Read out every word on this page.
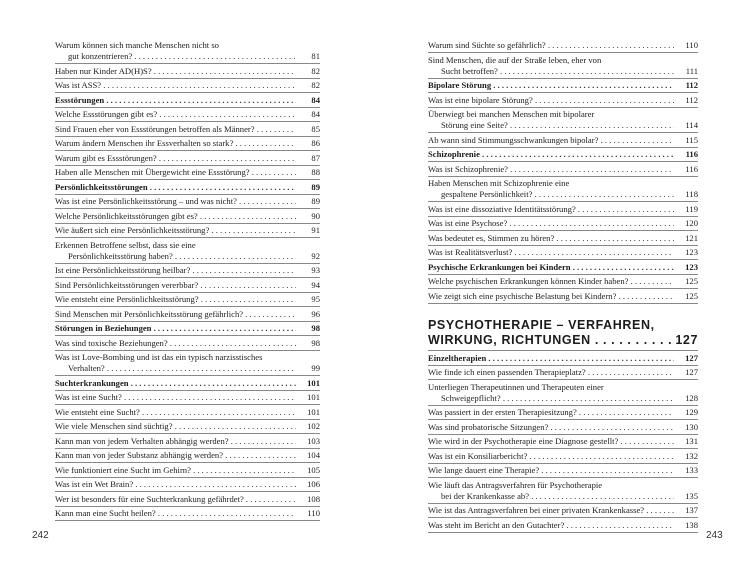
Warum können sich manche Menschen nicht so
gut konzentrieren? . . .	81
Haben nur Kinder AD(H)S? . . .	82
Was ist ASS? . . .	82
Essstörungen . . .	84
Welche Essstörungen gibt es? . . .	84
Sind Frauen eher von Essstörungen betroffen als Männer? . . .	85
Warum ändern Menschen ihr Essverhalten so stark? . . .	86
Warum gibt es Essstörungen? . . .	87
Haben alle Menschen mit Übergewicht eine Essstörung? . . .	88
Persönlichkeitsstörungen . . .	89
Was ist eine Persönlichkeitsstörung – und was nicht? . . .	89
Welche Persönlichkeitsstörungen gibt es? . . .	90
Wie äußert sich eine Persönlichkeitsstörung? . . .	91
Erkennen Betroffene selbst, dass sie eine
Persönlichkeitsstörung haben? . . .	92
Ist eine Persönlichkeitsstörung heilbar? . . .	93
Sind Persönlichkeitsstörungen vererbbar? . . .	94
Wie entsteht eine Persönlichkeitsstörung? . . .	95
Sind Menschen mit Persönlichkeitsstörung gefährlich? . . .	96
Störungen in Beziehungen . . .	98
Was sind toxische Beziehungen? . . .	98
Was ist Love-Bombing und ist das ein typisch narzisstisches
Verhalten? . . .	99
Suchterkrankungen . . .	101
Was ist eine Sucht? . . .	101
Wie entsteht eine Sucht? . . .	101
Wie viele Menschen sind süchtig? . . .	102
Kann man von jedem Verhalten abhängig werden? . . .	103
Kann man von jeder Substanz abhängig werden? . . .	104
Wie funktioniert eine Sucht im Gehirn? . . .	105
Was ist ein Wet Brain? . . .	106
Wer ist besonders für eine Suchterkrankung gefährdet? . . .	108
Kann man eine Sucht heilen? . . .	110
Warum sind Süchte so gefährlich? . . .	110
Sind Menschen, die auf der Straße leben, eher von
Sucht betroffen? . . .	111
Bipolare Störung . . .	112
Was ist eine bipolare Störung? . . .	112
Überwiegt bei manchen Menschen mit bipolarer
Störung eine Seite? . . .	114
Ab wann sind Stimmungsschwankungen bipolar? . . .	115
Schizophrenie . . .	116
Was ist Schizophrenie? . . .	116
Haben Menschen mit Schizophrenie eine
gespaltene Persönlichkeit? . . .	118
Was ist eine dissoziative Identitätsstörung? . . .	119
Was ist eine Psychose? . . .	120
Was bedeutet es, Stimmen zu hören? . . .	121
Was ist Realitätsverlust? . . .	123
Psychische Erkrankungen bei Kindern . . .	123
Welche psychischen Erkrankungen können Kinder haben? . . .	125
Wie zeigt sich eine psychische Belastung bei Kindern? . . .	125
PSYCHOTHERAPIE – VERFAHREN,
WIRKUNG, RICHTUNGEN . . .	127
Einzeltherapien . . .	127
Wie finde ich einen passenden Therapieplatz? . . .	127
Unterliegen Therapeutinnen und Therapeuten einer
Schweigepflicht? . . .	128
Was passiert in der ersten Therapiesitzung? . . .	129
Was sind probatorische Sitzungen? . . .	130
Wie wird in der Psychotherapie eine Diagnose gestellt? . . .	131
Was ist ein Konsiliarbericht? . . .	132
Wie lange dauert eine Therapie? . . .	133
Wie läuft das Antragsverfahren für Psychotherapie
bei der Krankenkasse ab? . . .	135
Wie ist das Antragsverfahren bei einer privaten Krankenkasse? . . .	137
Was steht im Bericht an den Gutachter? . . .	138
242	243
